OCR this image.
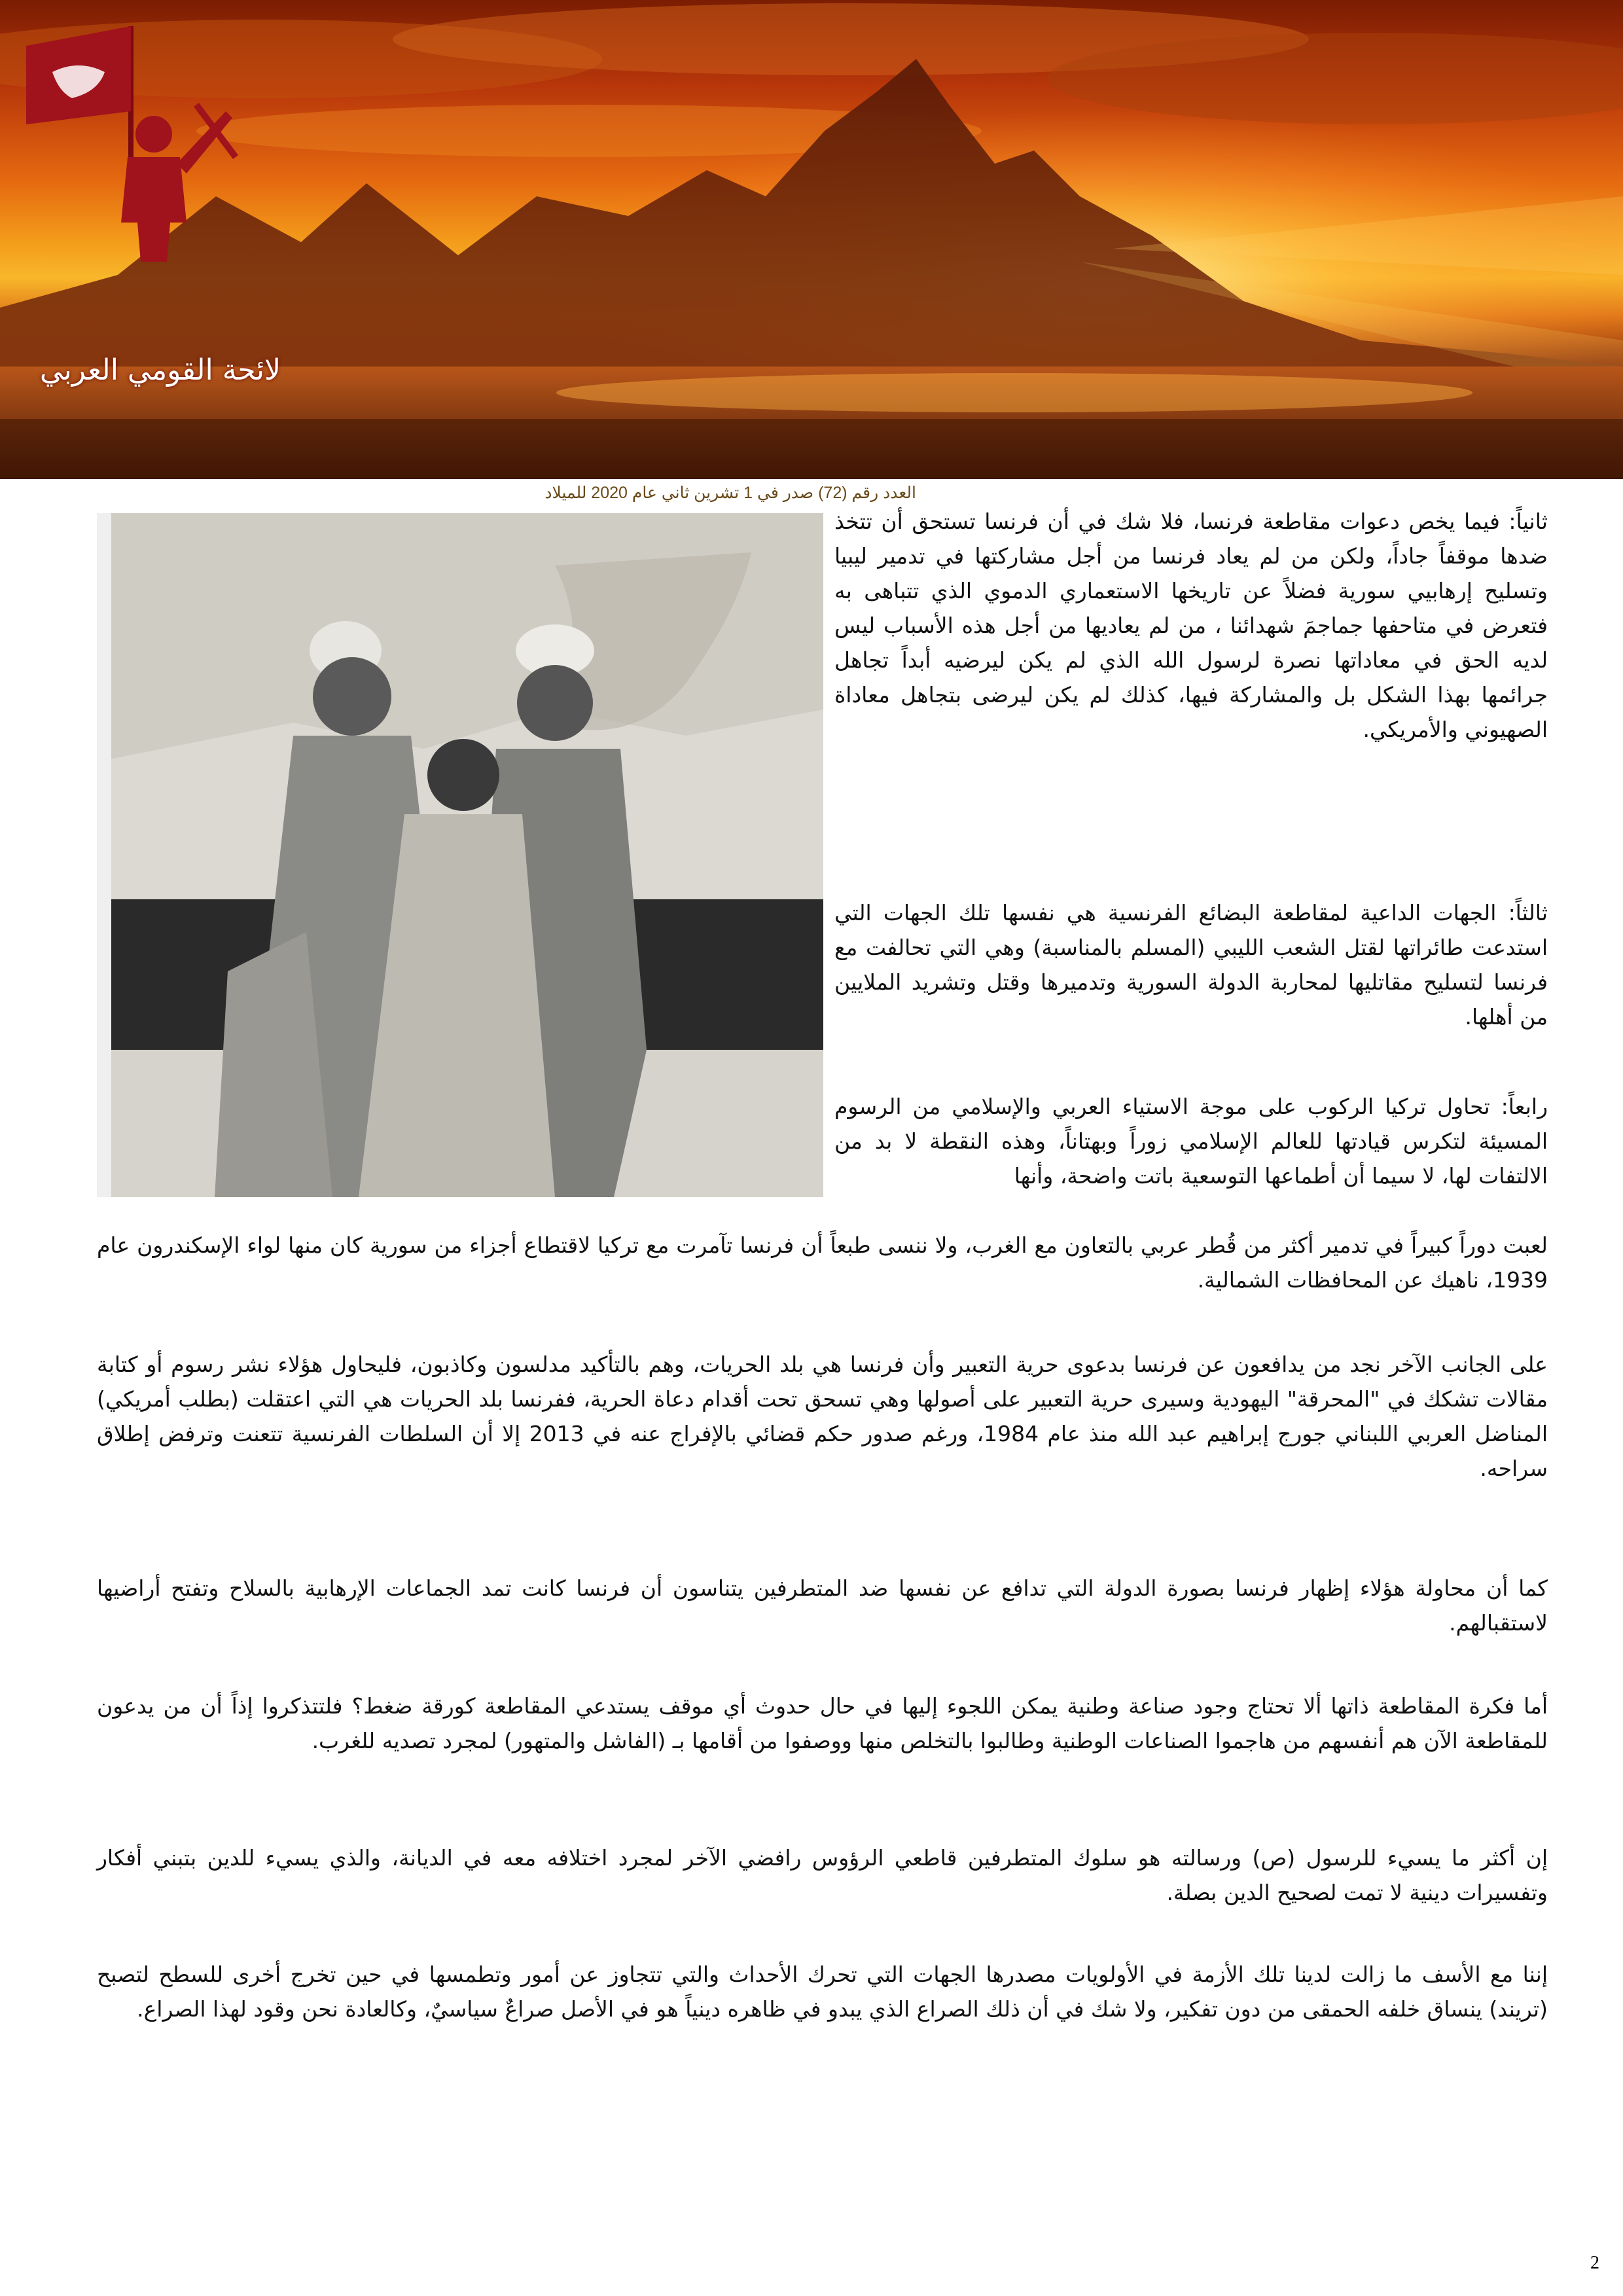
لائحة القومي العربي
العدد رقم (72) صدر في 1 تشرين ثاني عام 2020 للميلاد

ثانياً: فيما يخص دعوات مقاطعة فرنسا، فلا شك في أن فرنسا تستحق أن تتخذ ضدها موقفاً جاداً، ولكن من لم يعاد فرنسا من أجل مشاركتها في تدمير ليبيا وتسليح إرهابيي سورية فضلاً عن تاريخها الاستعماري الدموي الذي تتباهى به فتعرض في متاحفها جماجمَ شهدائنا ، من لم يعاديها من أجل هذه الأسباب ليس لديه الحق في معاداتها نصرة لرسول الله الذي لم يكن ليرضيه أبداً تجاهل جرائمها بهذا الشكل بل والمشاركة فيها، كذلك لم يكن ليرضى بتجاهل معاداة الصهيوني والأمريكي.

ثالثاً: الجهات الداعية لمقاطعة البضائع الفرنسية هي نفسها تلك الجهات التي استدعت طائراتها لقتل الشعب الليبي (المسلم بالمناسبة) وهي التي تحالفت مع فرنسا لتسليح مقاتليها لمحاربة الدولة السورية وتدميرها وقتل وتشريد الملايين من أهلها.

رابعاً: تحاول تركيا الركوب على موجة الاستياء العربي والإسلامي من الرسوم المسيئة لتكرس قيادتها للعالم الإسلامي زوراً وبهتاناً، وهذه النقطة لا بد من الالتفات لها، لا سيما أن أطماعها التوسعية باتت واضحة، وأنها

لعبت دوراً كبيراً في تدمير أكثر من قُطر عربي بالتعاون مع الغرب، ولا ننسى طبعاً أن فرنسا تآمرت مع تركيا لاقتطاع أجزاء من سورية كان منها لواء الإسكندرون عام 1939، ناهيك عن المحافظات الشمالية.

على الجانب الآخر نجد من يدافعون عن فرنسا بدعوى حرية التعبير وأن فرنسا هي بلد الحريات، وهم بالتأكيد مدلسون وكاذبون، فليحاول هؤلاء نشر رسوم أو كتابة مقالات تشكك في "المحرقة" اليهودية وسيرى حرية التعبير على أصولها وهي تسحق تحت أقدام دعاة الحرية، ففرنسا بلد الحريات هي التي اعتقلت (بطلب أمريكي) المناضل العربي اللبناني جورج إبراهيم عبد الله منذ عام 1984، ورغم صدور حكم قضائي بالإفراج عنه في 2013 إلا أن السلطات الفرنسية تتعنت وترفض إطلاق سراحه.

كما أن محاولة هؤلاء إظهار فرنسا بصورة الدولة التي تدافع عن نفسها ضد المتطرفين يتناسون أن فرنسا كانت تمد الجماعات الإرهابية بالسلاح وتفتح أراضيها لاستقبالهم.

أما فكرة المقاطعة ذاتها ألا تحتاج وجود صناعة وطنية يمكن اللجوء إليها في حال حدوث أي موقف يستدعي المقاطعة كورقة ضغط؟ فلتتذكروا إذاً أن من يدعون للمقاطعة الآن هم أنفسهم من هاجموا الصناعات الوطنية وطالبوا بالتخلص منها ووصفوا من أقامها بـ (الفاشل والمتهور) لمجرد تصديه للغرب.

إن أكثر ما يسيء للرسول (ص) ورسالته هو سلوك المتطرفين قاطعي الرؤوس رافضي الآخر لمجرد اختلافه معه في الديانة، والذي يسيء للدين بتبني أفكار وتفسيرات دينية لا تمت لصحيح الدين بصلة.

إننا مع الأسف ما زالت لدينا تلك الأزمة في الأولويات مصدرها الجهات التي تحرك الأحداث والتي تتجاوز عن أمور وتطمسها في حين تخرج أخرى للسطح لتصبح (تريند) ينساق خلفه الحمقى من دون تفكير، ولا شك في أن ذلك الصراع الذي يبدو في ظاهره دينياً هو في الأصل صراعٌ سياسيٌ، وكالعادة نحن وقود لهذا الصراع.

2
